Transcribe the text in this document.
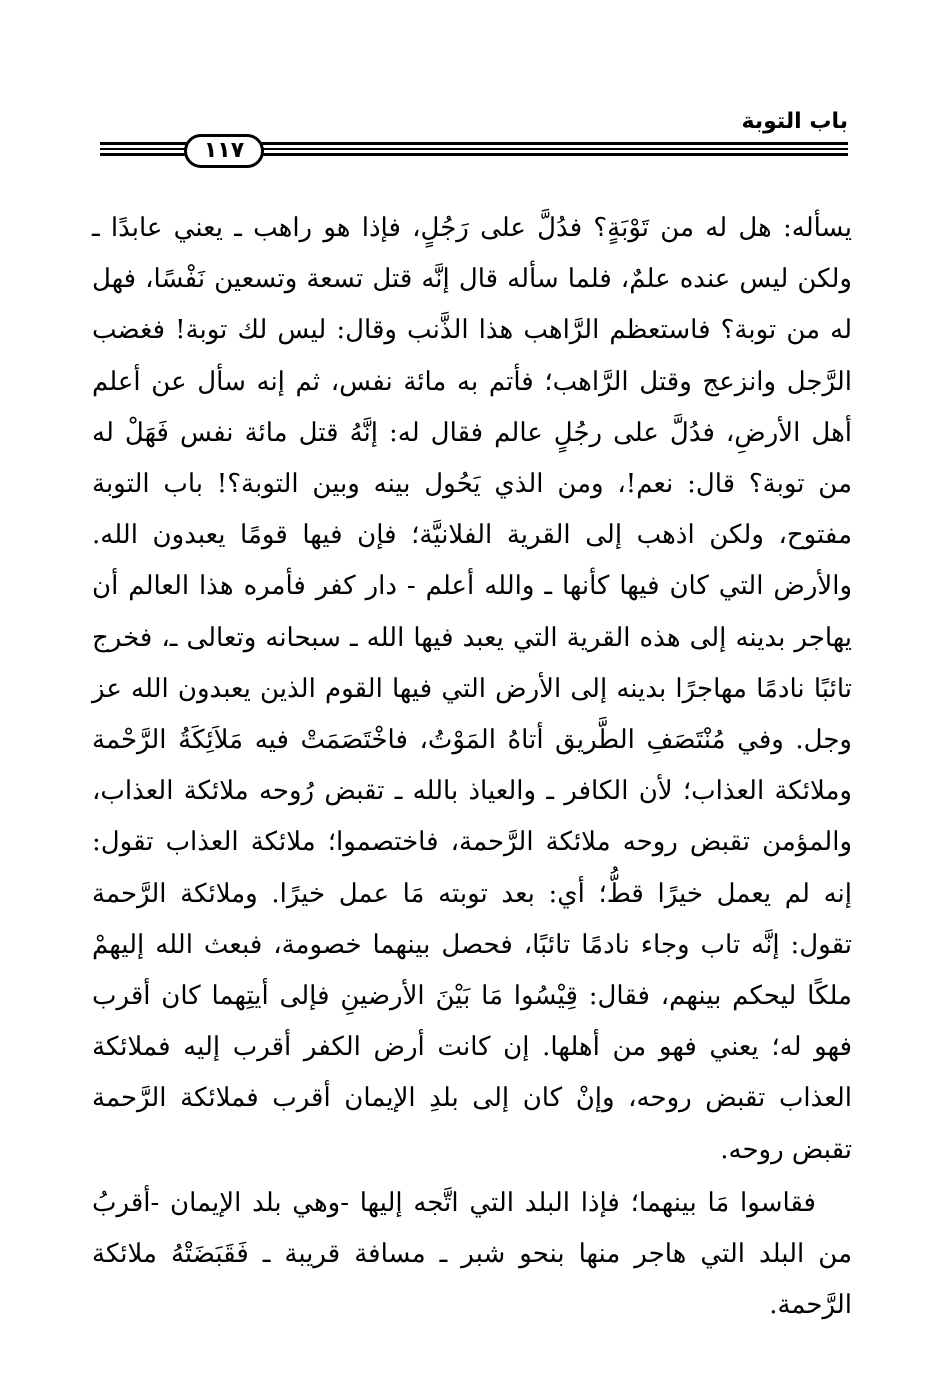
باب التوبة
١١٧

يسأله: هل له من تَوْبَةٍ؟ فدُلَّ على رَجُلٍ، فإذا هو راهب ـ يعني عابدًا ـ ولكن ليس عنده علمٌ، فلما سأله قال إنَّه قتل تسعة وتسعين نَفْسًا، فهل له من توبة؟ فاستعظم الرَّاهب هذا الذَّنب وقال: ليس لك توبة! فغضب الرَّجل وانزعج وقتل الرَّاهب؛ فأتم به مائة نفس، ثم إنه سأل عن أعلم أهل الأرضِ، فدُلَّ على رجُلٍ عالم فقال له: إنَّهُ قتل مائة نفس فَهَلْ له من توبة؟ قال: نعم!، ومن الذي يَحُول بينه وبين التوبة؟! باب التوبة مفتوح، ولكن اذهب إلى القرية الفلانيَّة؛ فإن فيها قومًا يعبدون الله. والأرض التي كان فيها كأنها ـ والله أعلم - دار كفر فأمره هذا العالم أن يهاجر بدينه إلى هذه القرية التي يعبد فيها الله ـ سبحانه وتعالى ـ، فخرج تائبًا نادمًا مهاجرًا بدينه إلى الأرض التي فيها القوم الذين يعبدون الله عز وجل. وفي مُنْتَصَفِ الطَّريق أتاهُ المَوْتُ، فاخْتَصَمَتْ فيه مَلاَئِكَةُ الرَّحْمة وملائكة العذاب؛ لأن الكافر ـ والعياذ بالله ـ تقبض رُوحه ملائكة العذاب، والمؤمن تقبض روحه ملائكة الرَّحمة، فاختصموا؛ ملائكة العذاب تقول: إنه لم يعمل خيرًا قطُّ؛ أي: بعد توبته مَا عمل خيرًا. وملائكة الرَّحمة تقول: إنَّه تاب وجاء نادمًا تائبًا، فحصل بينهما خصومة، فبعث الله إليهمْ ملكًا ليحكم بينهم، فقال: قِيْسُوا مَا بَيْنَ الأرضينِ فإلى أيتِهما كان أقرب فهو له؛ يعني فهو من أهلها. إن كانت أرض الكفر أقرب إليه فملائكة العذاب تقبض روحه، وإنْ كان إلى بلدِ الإيمان أقرب فملائكة الرَّحمة تقبض روحه.

فقاسوا مَا بينهما؛ فإذا البلد التي اتَّجه إليها -وهي بلد الإيمان -أقربُ من البلد التي هاجر منها بنحو شبر ـ مسافة قريبة ـ فَقَبَضَتْهُ ملائكة الرَّحمة.
